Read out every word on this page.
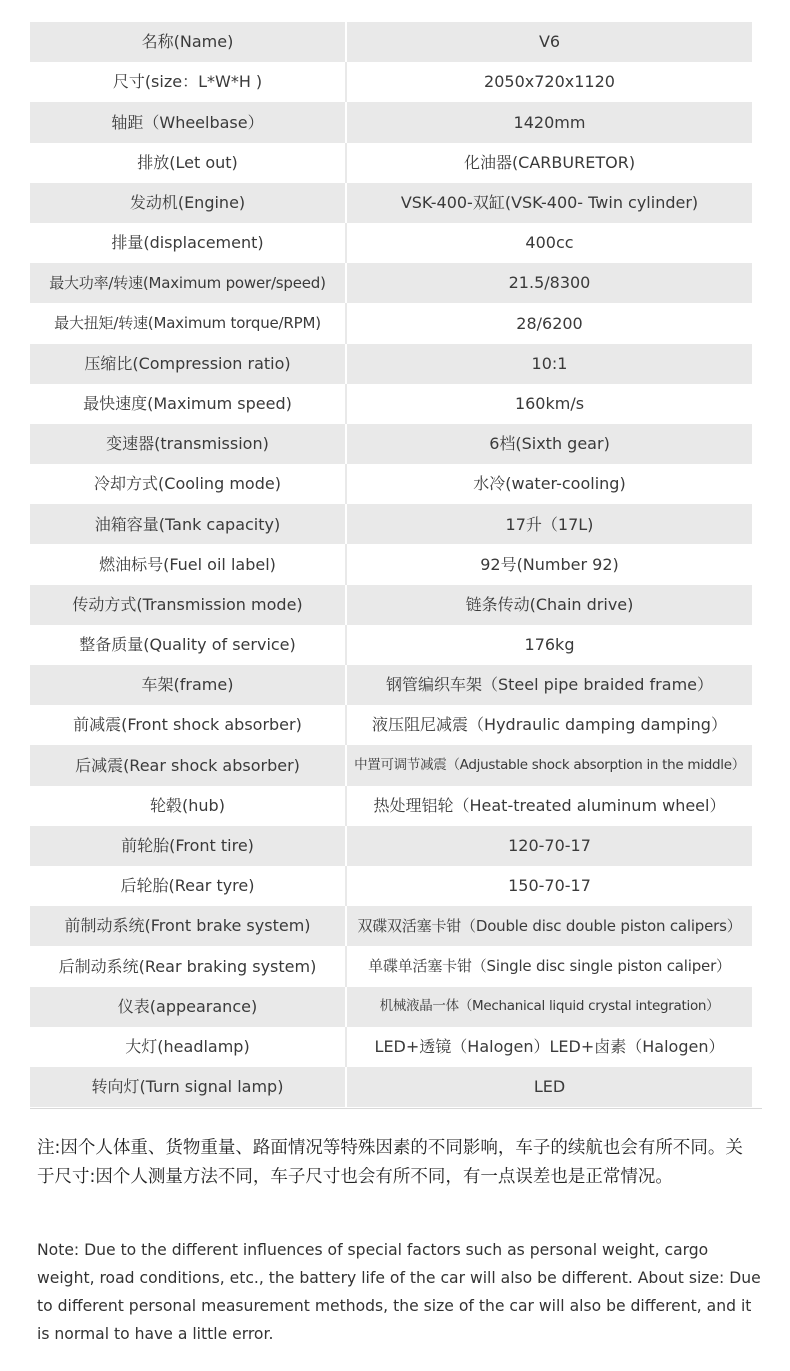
名称(Name)	V6
尺寸(size：L*W*H )	2050x720x1120
轴距（Wheelbase）	1420mm
排放(Let out)	化油器(CARBURETOR)
发动机(Engine)	VSK-400-双缸(VSK-400- Twin cylinder)
排量(displacement)	400cc
最大功率/转速(Maximum power/speed)	21.5/8300
最大扭矩/转速(Maximum torque/RPM)	28/6200
压缩比(Compression ratio)	10:1
最快速度(Maximum speed)	160km/s
变速器(transmission)	6档(Sixth gear)
冷却方式(Cooling mode)	水冷(water-cooling)
油箱容量(Tank capacity)	17升（17L)
燃油标号(Fuel oil label)	92号(Number 92)
传动方式(Transmission mode)	链条传动(Chain drive)
整备质量(Quality of service)	176kg
车架(frame)	钢管编织车架（Steel pipe braided frame）
前减震(Front shock absorber)	液压阻尼减震（Hydraulic damping damping）
后减震(Rear shock absorber)	中置可调节减震（Adjustable shock absorption in the middle）
轮毂(hub)	热处理铝轮（Heat-treated aluminum wheel）
前轮胎(Front tire)	120-70-17
后轮胎(Rear tyre)	150-70-17
前制动系统(Front brake system)	双碟双活塞卡钳（Double disc double piston calipers）
后制动系统(Rear braking system)	单碟单活塞卡钳（Single disc single piston caliper）
仪表(appearance)	机械液晶一体（Mechanical liquid crystal integration）
大灯(headlamp)	LED+透镜（Halogen）LED+卤素（Halogen）
转向灯(Turn signal lamp)	LED

注:因个人体重、货物重量、路面情况等特殊因素的不同影响，车子的续航也会有所不同。关于尺寸:因个人测量方法不同，车子尺寸也会有所不同，有一点误差也是正常情况。

Note: Due to the different influences of special factors such as personal weight, cargo weight, road conditions, etc., the battery life of the car will also be different. About size: Due to different personal measurement methods, the size of the car will also be different, and it is normal to have a little error.
